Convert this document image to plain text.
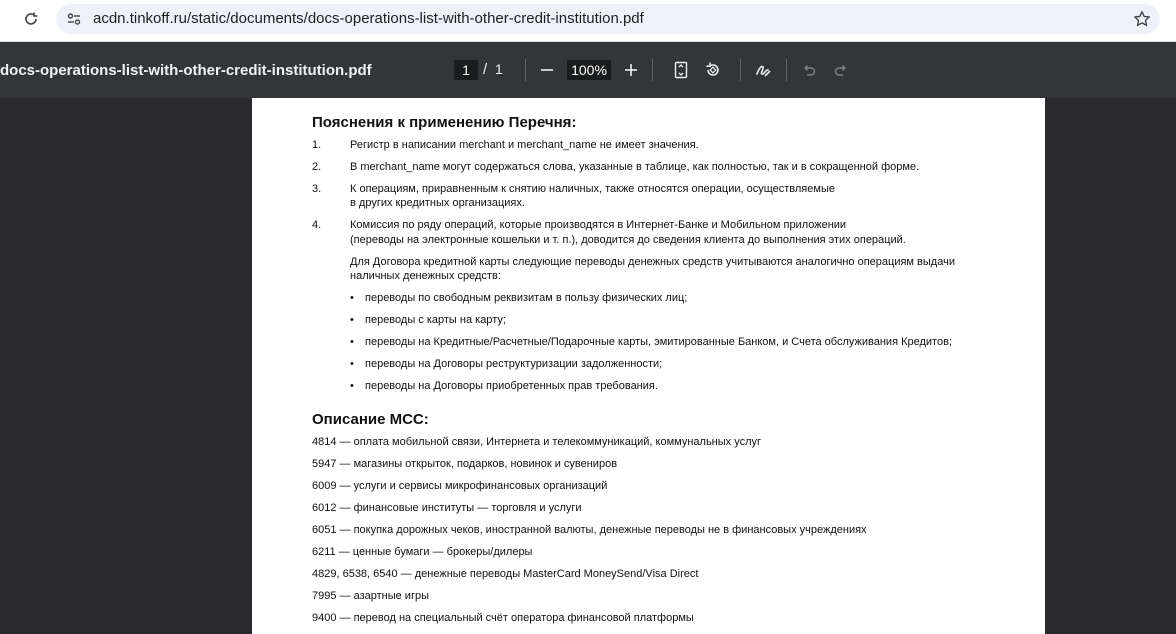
acdn.tinkoff.ru/static/documents/docs-operations-list-with-other-credit-institution.pdf
docs-operations-list-with-other-credit-institution.pdf	1 / 1	100%
Пояснения к применению Перечня:
1.	Регистр в написании merchant и merchant_name не имеет значения.
2.	В merchant_name могут содержаться слова, указанные в таблице, как полностью, так и в сокращенной форме.
3.	К операциям, приравненным к снятию наличных, также относятся операции, осуществляемые
в других кредитных организациях.
4.	Комиссия по ряду операций, которые производятся в Интернет-Банке и Мобильном приложении
(переводы на электронные кошельки и т. п.), доводится до сведения клиента до выполнения этих операций.
Для Договора кредитной карты следующие переводы денежных средств учитываются аналогично операциям выдачи
наличных денежных средств:
• переводы по свободным реквизитам в пользу физических лиц;
• переводы с карты на карту;
• переводы на Кредитные/Расчетные/Подарочные карты, эмитированные Банком, и Счета обслуживания Кредитов;
• переводы на Договоры реструктуризации задолженности;
• переводы на Договоры приобретенных прав требования.
Описание МСС:
4814 — оплата мобильной связи, Интернета и телекоммуникаций, коммунальных услуг
5947 — магазины открыток, подарков, новинок и сувениров
6009 — услуги и сервисы микрофинансовых организаций
6012 — финансовые институты — торговля и услуги
6051 — покупка дорожных чеков, иностранной валюты, денежные переводы не в финансовых учреждениях
6211 — ценные бумаги — брокеры/дилеры
4829, 6538, 6540 — денежные переводы MasterCard MoneySend/Visa Direct
7995 — азартные игры
9400 — перевод на специальный счёт оператора финансовой платформы
